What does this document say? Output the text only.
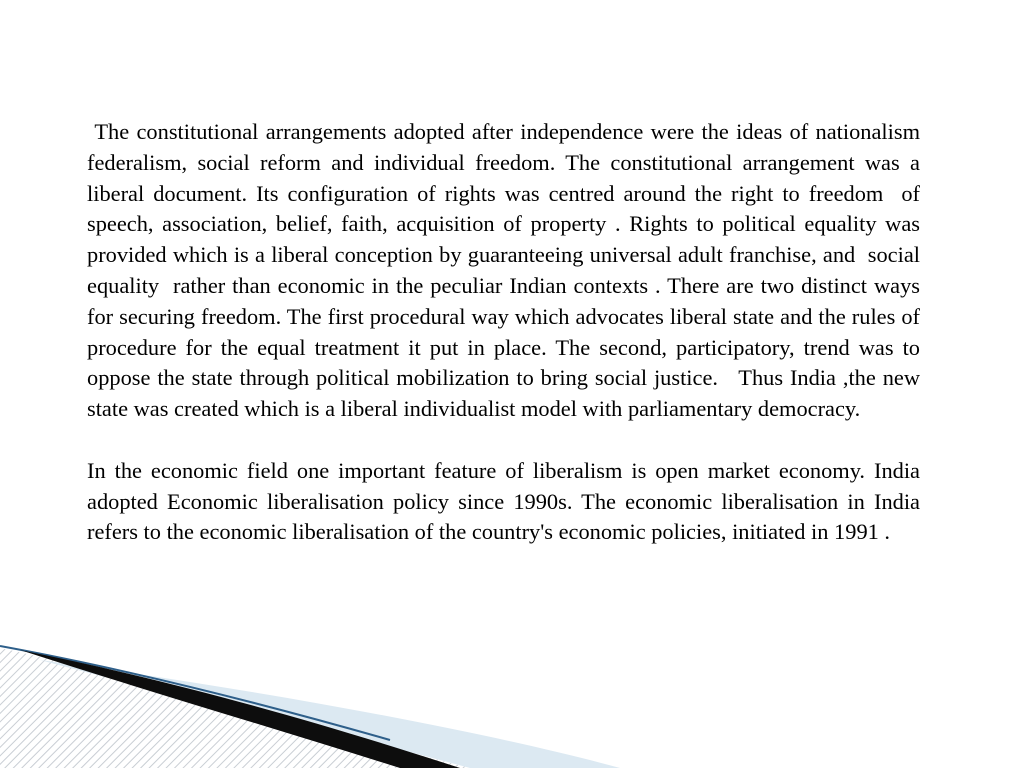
The constitutional arrangements adopted after independence were the ideas of nationalism federalism, social reform and individual freedom. The constitutional arrangement was a liberal document. Its configuration of rights was centred around the right to freedom  of speech, association, belief, faith, acquisition of property . Rights to political equality was provided which is a liberal conception by guaranteeing universal adult franchise, and  social equality  rather than economic in the peculiar Indian contexts . There are two distinct ways for securing freedom. The first procedural way which advocates liberal state and the rules of procedure for the equal treatment it put in place. The second, participatory, trend was to oppose the state through political mobilization to bring social justice.   Thus India ,the new state was created which is a liberal individualist model with parliamentary democracy.

In the economic field one important feature of liberalism is open market economy. India adopted Economic liberalisation policy since 1990s. The economic liberalisation in India refers to the economic liberalisation of the country's economic policies, initiated in 1991 .
